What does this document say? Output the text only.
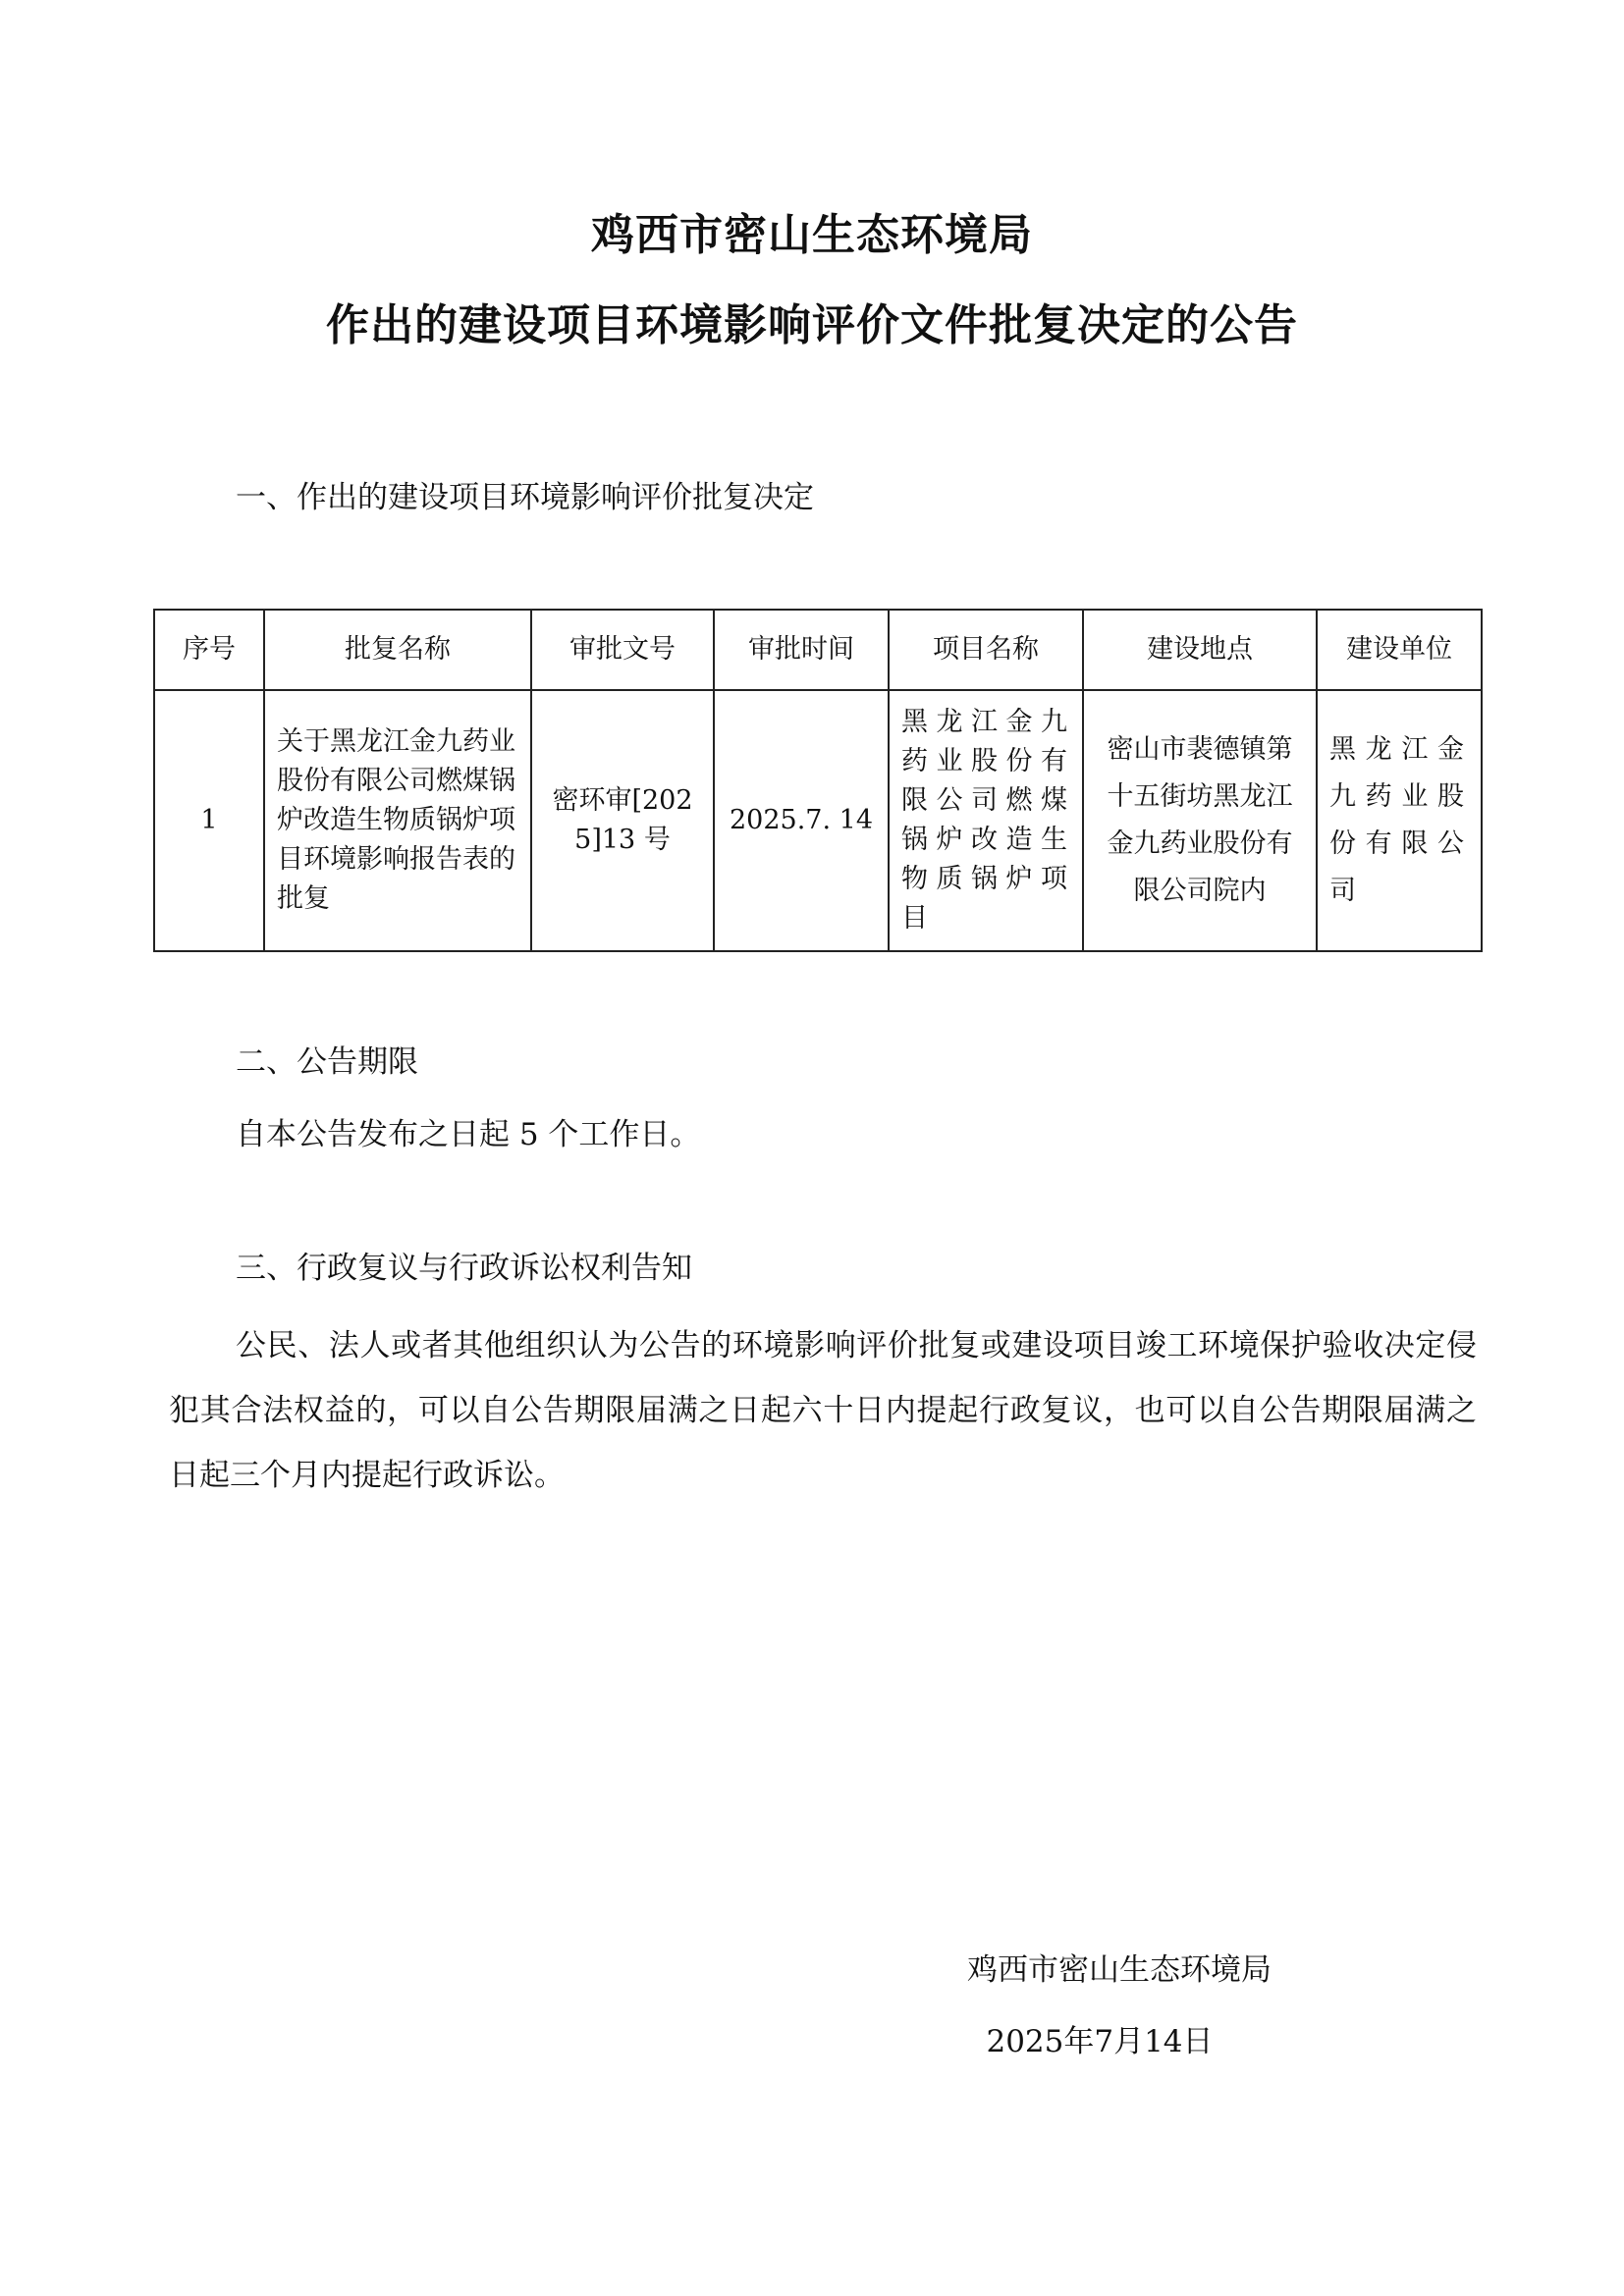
鸡西市密山生态环境局
作出的建设项目环境影响评价文件批复决定的公告
一、作出的建设项目环境影响评价批复决定
序号	批复名称	审批文号	审批时间	项目名称	建设地点	建设单位
1	关于黑龙江金九药业股份有限公司燃煤锅炉改造生物质锅炉项目环境影响报告表的批复	密环审[2025]13 号	2025.7. 14	黑龙江金九药业股份有限公司燃煤锅炉改造生物质锅炉项目	密山市裴德镇第十五街坊黑龙江金九药业股份有限公司院内	黑龙江金九药业股份有限公司
二、公告期限
自本公告发布之日起 5 个工作日。
三、行政复议与行政诉讼权利告知
公民、法人或者其他组织认为公告的环境影响评价批复或建设项目竣工环境保护验收决定侵犯其合法权益的，可以自公告期限届满之日起六十日内提起行政复议，也可以自公告期限届满之日起三个月内提起行政诉讼。
鸡西市密山生态环境局
2025年7月14日
